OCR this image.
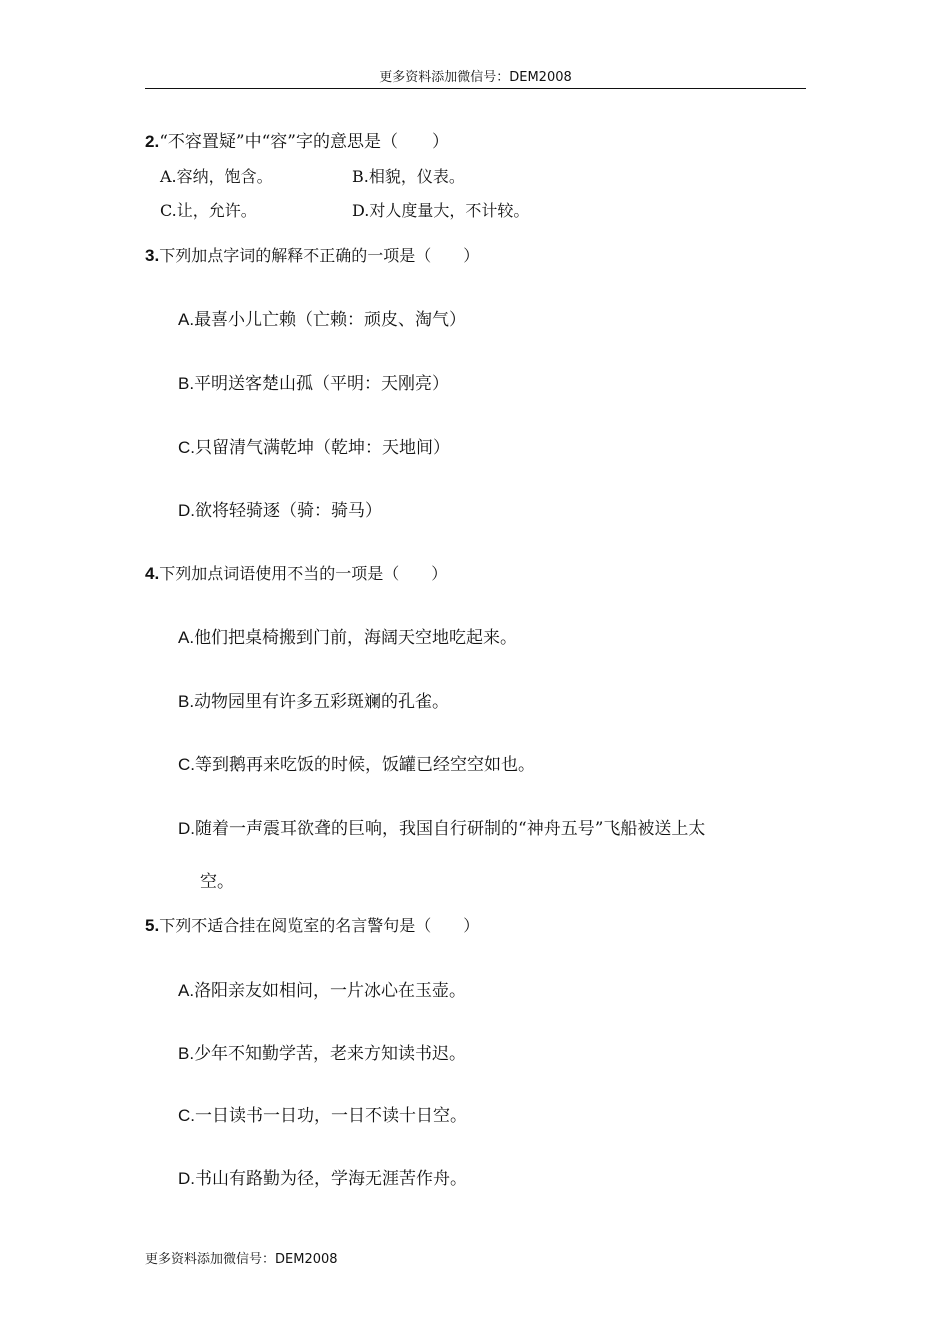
更多资料添加微信号：DEM2008
2.“不容置疑”中“容”字的意思是（　　）
A.容纳，饱含。	B.相貌，仪表。
C.让，允许。	D.对人度量大，不计较。
3.下列加点字词的解释不正确的一项是（　　）
A.最喜小儿亡赖（亡赖：顽皮、淘气）
B.平明送客楚山孤（平明：天刚亮）
C.只留清气满乾坤（乾坤：天地间）
D.欲将轻骑逐（骑：骑马）
4.下列加点词语使用不当的一项是（　　）
A.他们把桌椅搬到门前，海阔天空地吃起来。
B.动物园里有许多五彩斑斓的孔雀。
C.等到鹅再来吃饭的时候，饭罐已经空空如也。
D.随着一声震耳欲聋的巨响，我国自行研制的“神舟五号”飞船被送上太
空。
5.下列不适合挂在阅览室的名言警句是（　　）
A.洛阳亲友如相问，一片冰心在玉壶。
B.少年不知勤学苦，老来方知读书迟。
C.一日读书一日功，一日不读十日空。
D.书山有路勤为径，学海无涯苦作舟。
更多资料添加微信号：DEM2008
